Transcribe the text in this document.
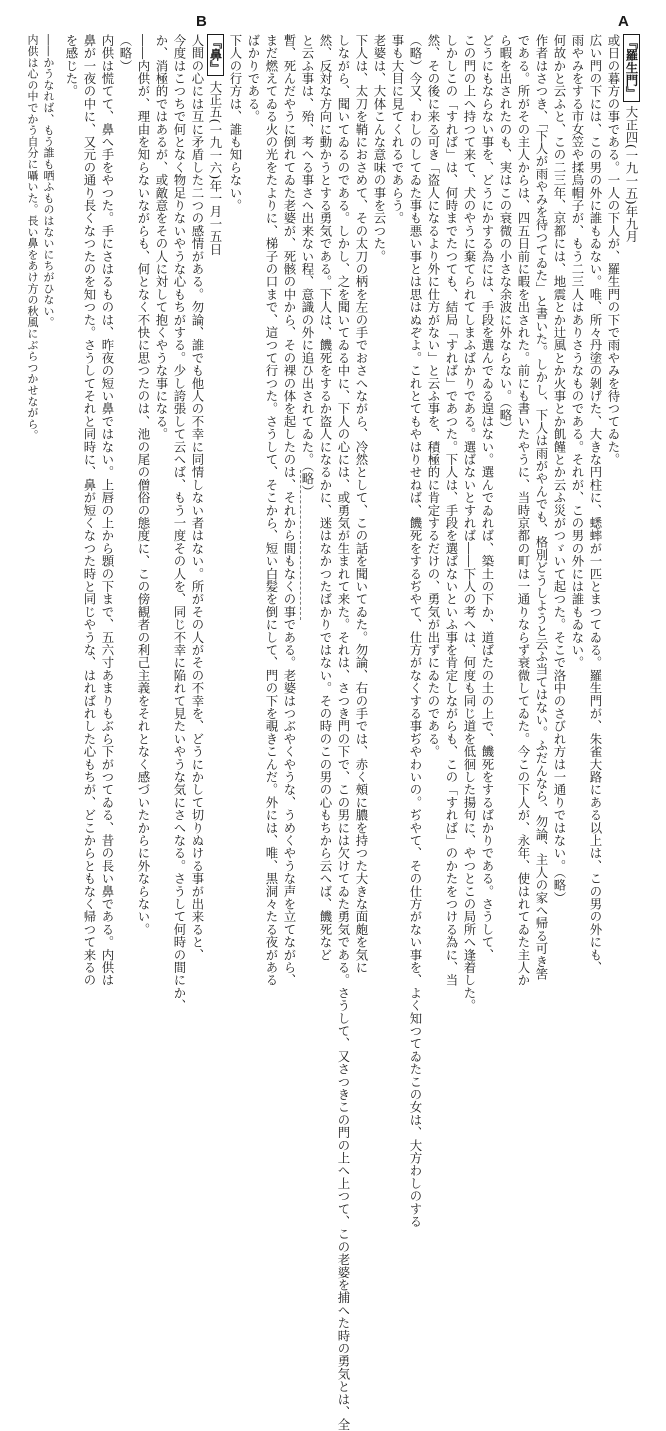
A
B
『羅生門』 大正四(一九一五)年九月
或日の暮方の事である。一人の下人が、羅生門の下で雨やみを待つてゐた。
広い門の下には、この男の外に誰もゐない。唯、所々丹塗の剝げた、大きな円柱に、蟋蟀が一匹とまつてゐる。羅生門が、朱雀大路にある以上は、この男の外にも、
雨やみをする市女笠や揉烏帽子が、もう二三人はありさうなものである。それが、この男の外には誰もゐない。
何故かと云ふと、この二三年、京都には、地震とか辻風とか火事とか飢饉とか云ふ災がつゞいて起つた。そこで洛中のさびれ方は一通りではない。（略）
作者はさつき、「下人が雨やみを待つてゐた」と書いた。しかし、下人は雨がやんでも、格別どうしようと云ふ当てはない。ふだんなら、勿論、主人の家へ帰る可き筈
である。所がその主人からは、四五日前に暇を出された。前にも書いたやうに、当時京都の町は一通りならず衰微してゐた。今この下人が、永年、使はれてゐた主人か
ら暇を出されたのも、実はこの衰微の小さな余波に外ならない。（略）
どうにもならない事を、どうにかする為には、手段を選んでゐる遑はない。選んでゐれば、築土の下か、道ばたの土の上で、饑死をするばかりである。さうして、
この門の上へ持つて来て、犬のやうに棄てられてしまふばかりである。選ばないとすれば――下人の考へは、何度も同じ道を低徊した揚句に、やつとこの局所へ逢着した。
しかしこの「すれば」は、何時までたつても、結局「すれば」であつた。下人は、手段を選ばないといふ事を肯定しながらも、この「すれば」のかたをつける為に、当
然、その後に来る可き「盗人になるより外に仕方がない」と云ふ事を、積極的に肯定するだけの、勇気が出ずにゐたのである。
（略）今又、わしのしてゐた事も悪い事とは思はぬぞよ。これとてもやはりせねば、饑死をするぢやて、仕方がなくする事ぢやわいの。ぢやて、その仕方がない事を、よく知つてゐたこの女は、大方わしのする
事も大目に見てくれるであらう。
老婆は、大体こんな意味の事を云つた。
下人は、太刀を鞘におさめて、その太刀の柄を左の手でおさへながら、冷然として、この話を聞いてゐた。勿論、右の手では、赤く頰に膿を持つた大きな面皰を気に
しながら、聞いてゐるのである。しかし、之を聞いてゐる中に、下人の心には、或勇気が生まれて来た。それは、さつき門の下で、この男には欠けてゐた勇気である。さうして、又さつきこの門の上へ上つて、この老婆を捕へた時の勇気とは、全
然、反対な方向に動かうとする勇気である。下人は、饑死をするか盗人になるかに、迷はなかつたばかりではない。その時のこの男の心もちから云へば、饑死など
と云ふ事は、殆、考へる事さへ出来ない程、意識の外に追ひ出されてゐた。（略）
暫、死んだやうに倒れてゐた老婆が、死骸の中から、その裸の体を起したのは、それから間もなくの事である。老婆はつぶやくやうな、うめくやうな声を立てながら、
まだ燃えてゐる火の光をたよりに、梯子の口まで、這つて行つた。さうして、そこから、短い白髪を倒にして、門の下を覗きこんだ。外には、唯、黒洞々たる夜がある
ばかりである。
下人の行方は、誰も知らない。
『鼻』 大正五(一九一六)年一月一五日
人間の心には互に矛盾した二つの感情がある。勿論、誰でも他人の不幸に同情しない者はない。所がその人がその不幸を、どうにかして切りぬける事が出来ると、
今度はこつちで何となく物足りないやうな心もちがする。少し誇張して云へば、もう一度その人を、同じ不幸に陥れて見たいやうな気にさへなる。さうして何時の間にか、
か、消極的ではあるが、或敵意をその人に対して抱くやうな事になる。
――内供が、理由を知らないながらも、何となく不快に思つたのは、池の尾の僧俗の態度に、この傍観者の利己主義をそれとなく感づいたからに外ならない。
（略）
内供は慌てて、鼻へ手をやつた。手にさはるものは、昨夜の短い鼻ではない。上唇の上から顋の下まで、五六寸あまりもぶら下がつてゐる、昔の長い鼻である。内供は
鼻が一夜の中に、又元の通り長くなつたのを知つた。さうしてそれと同時に、鼻が短くなつた時と同じやうな、はればれした心もちが、どこからともなく帰つて来るの
を感じた。
――かうなれば、もう誰も哂ふものはないにちがひない。
内供は心の中でかう自分に囁いた。長い鼻をあけ方の秋風にぶらつかせながら。
